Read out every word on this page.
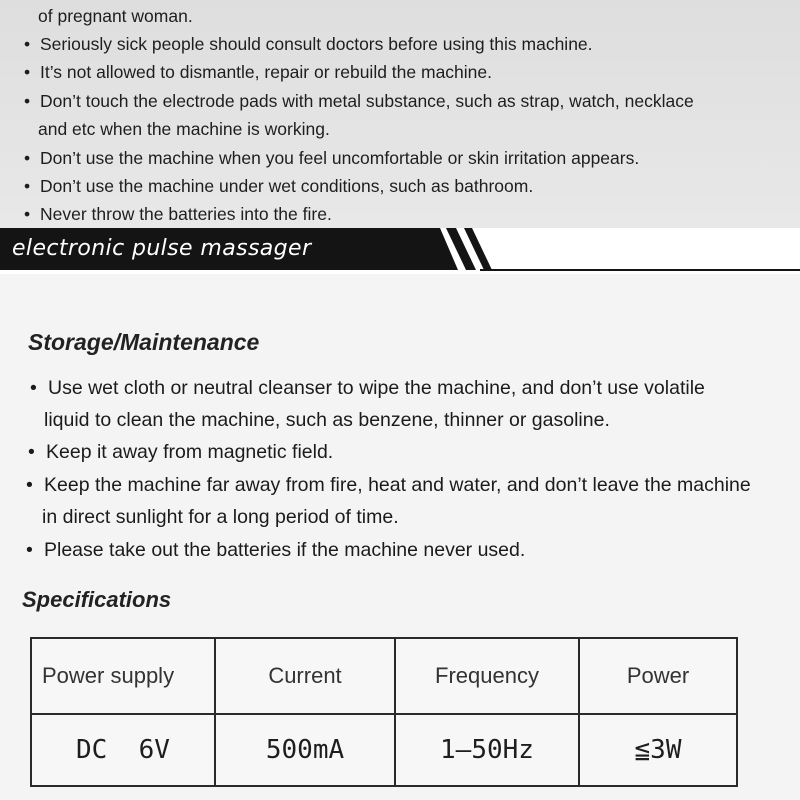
of pregnant woman.
• Seriously sick people should consult doctors before using this machine.
• It’s not allowed to dismantle, repair or rebuild the machine.
• Don’t touch the electrode pads with metal substance, such as strap, watch, necklace
and etc when the machine is working.
• Don’t use the machine when you feel uncomfortable or skin irritation appears.
• Don’t use the machine under wet conditions, such as bathroom.
• Never throw the batteries into the fire.
electronic pulse massager
Storage/Maintenance
• Use wet cloth or neutral cleanser to wipe the machine, and don’t use volatile
liquid to clean the machine, such as benzene, thinner or gasoline.
• Keep it away from magnetic field.
• Keep the machine far away from fire, heat and water, and don’t leave the machine
in direct sunlight for a long period of time.
• Please take out the batteries if the machine never used.
Specifications
Power supply	Current	Frequency	Power
DC  6V	500mA	1–50Hz	≦3W
